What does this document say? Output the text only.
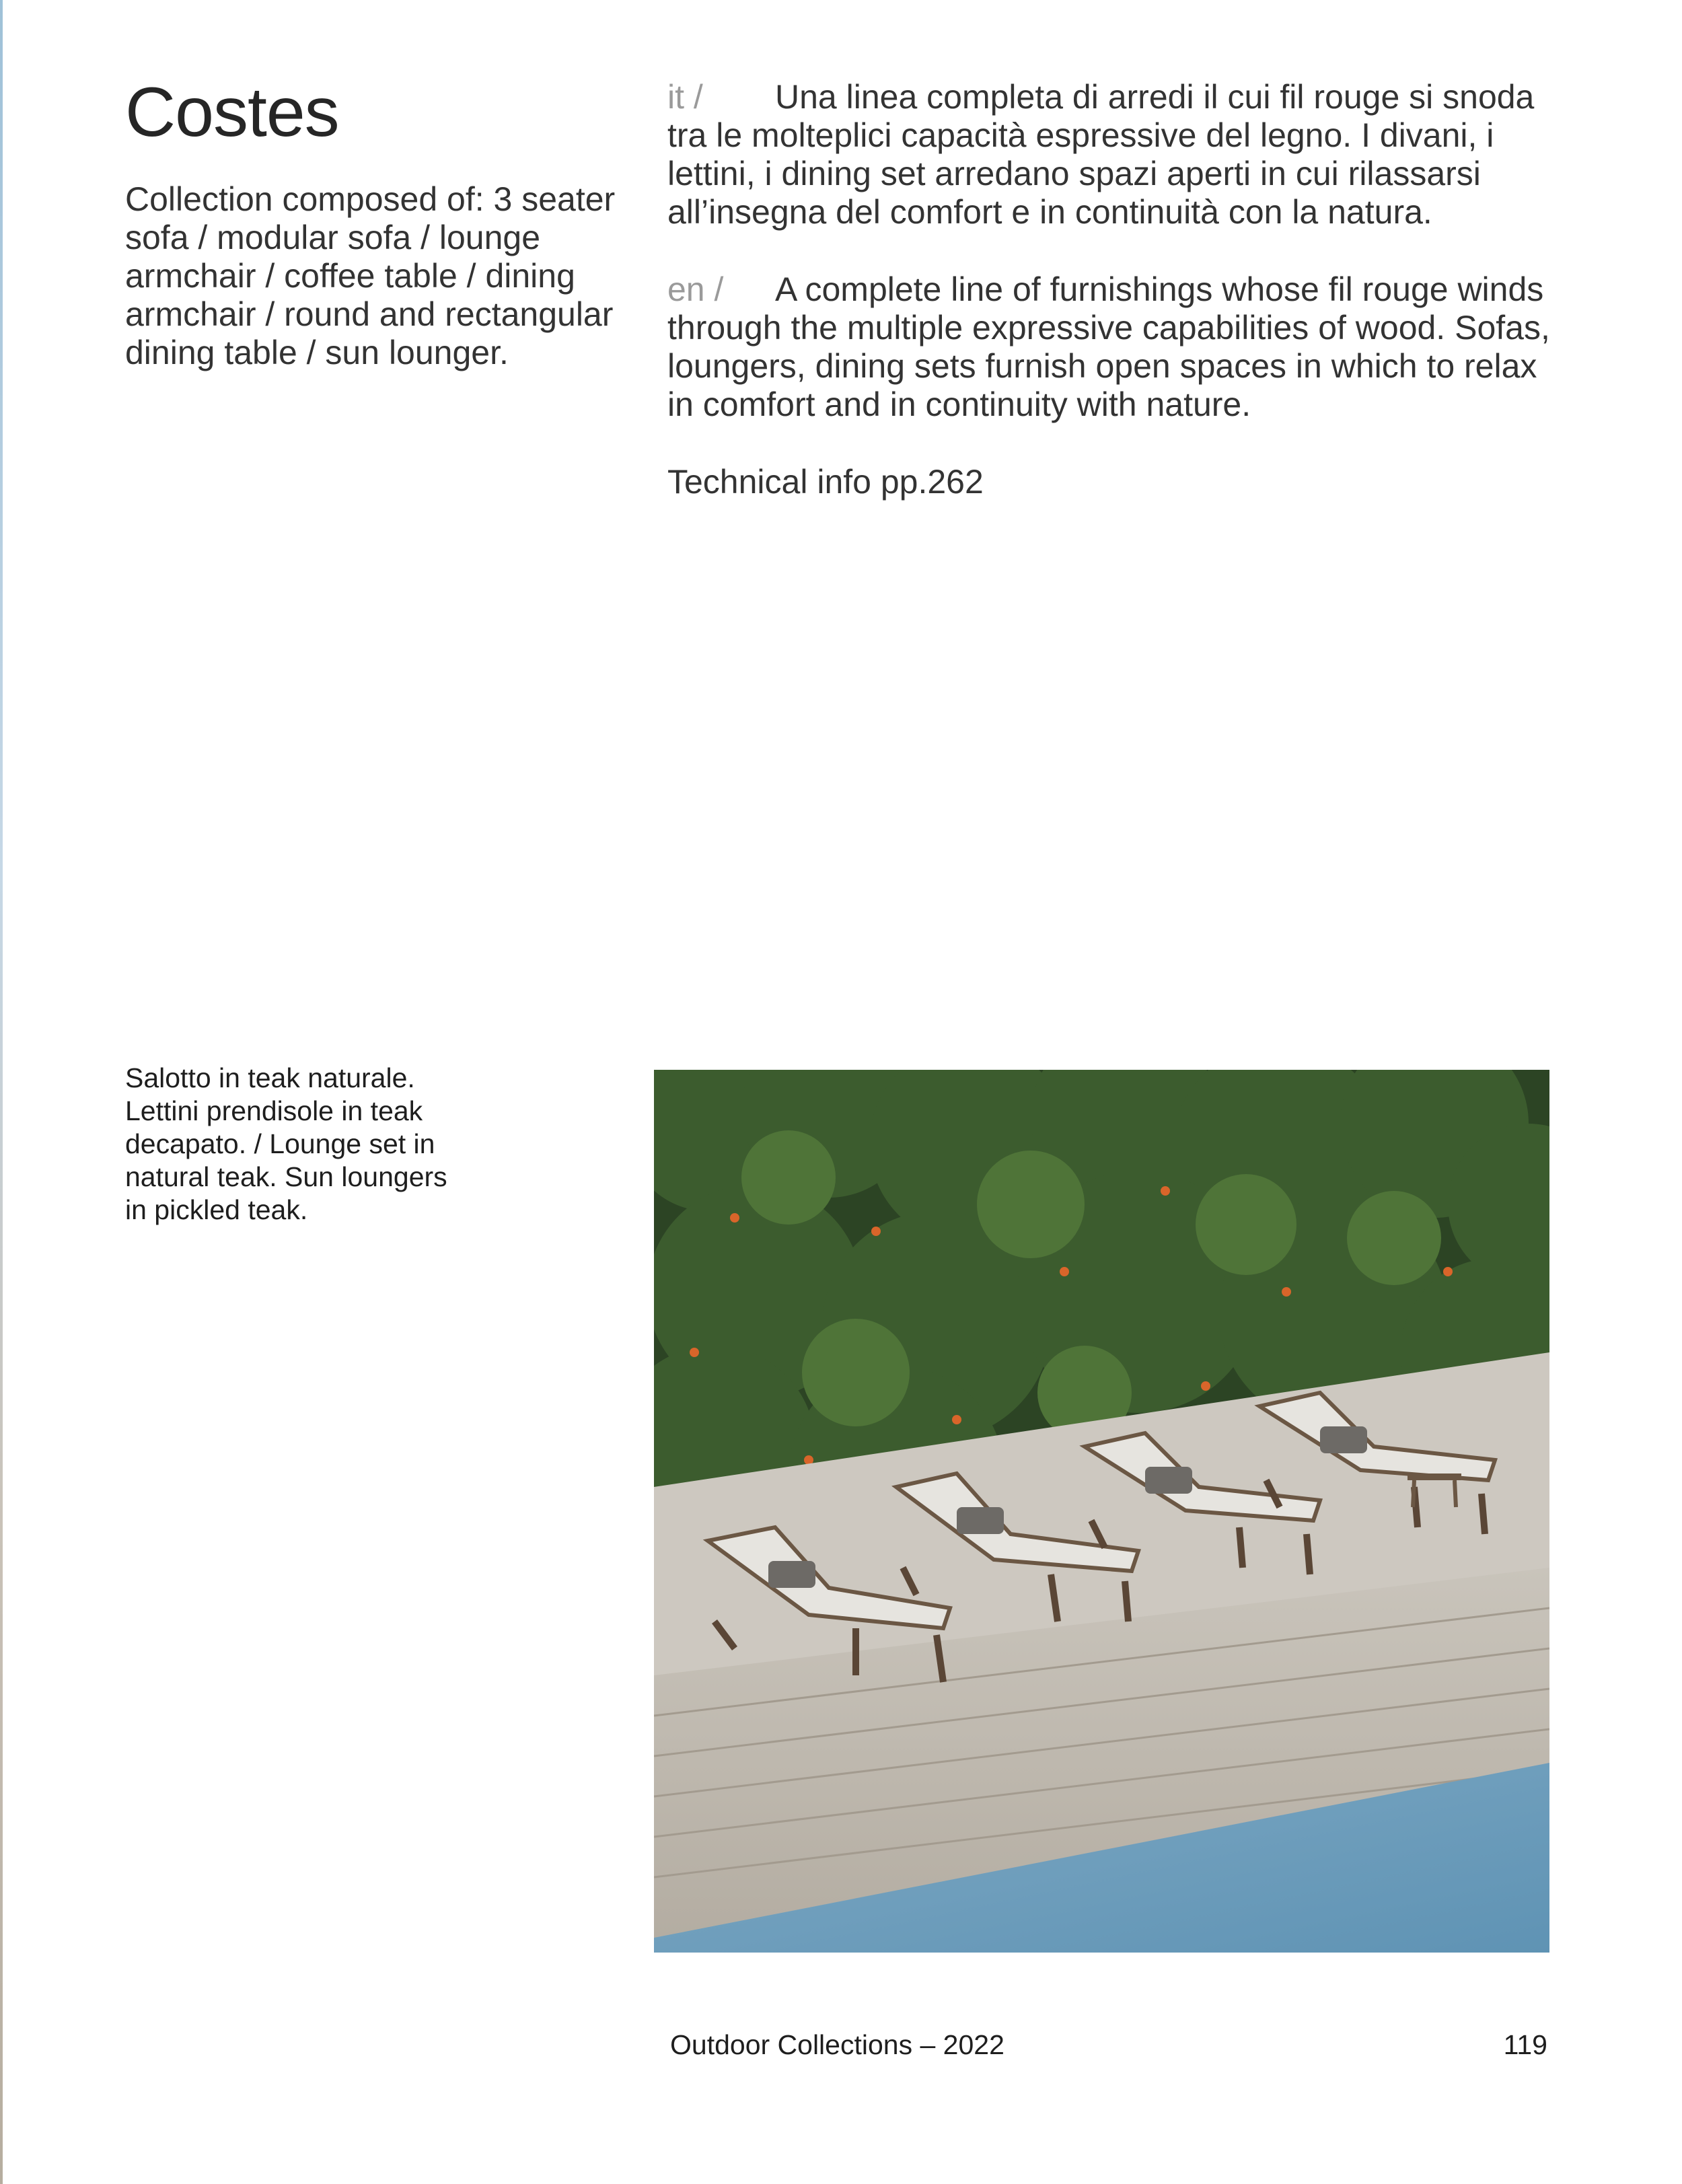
Costes
Collection composed of: 3 seater sofa / modular sofa / lounge armchair / coffee table / dining armchair / round and rectangular dining table / sun lounger.
it / Una linea completa di arredi il cui fil rouge si snoda tra le molteplici capacità espressive del legno. I divani, i lettini, i dining set arredano spazi aperti in cui rilassarsi all’insegna del comfort e in continuità con la natura.
en / A complete line of furnishings whose fil rouge winds through the multiple expressive capabilities of wood. Sofas, loungers, dining sets furnish open spaces in which to relax in comfort and in continuity with nature.
Technical info pp.262
Salotto in teak naturale. Lettini prendisole in teak decapato. / Lounge set in natural teak. Sun loungers in pickled teak.
Outdoor Collections – 2022	119
